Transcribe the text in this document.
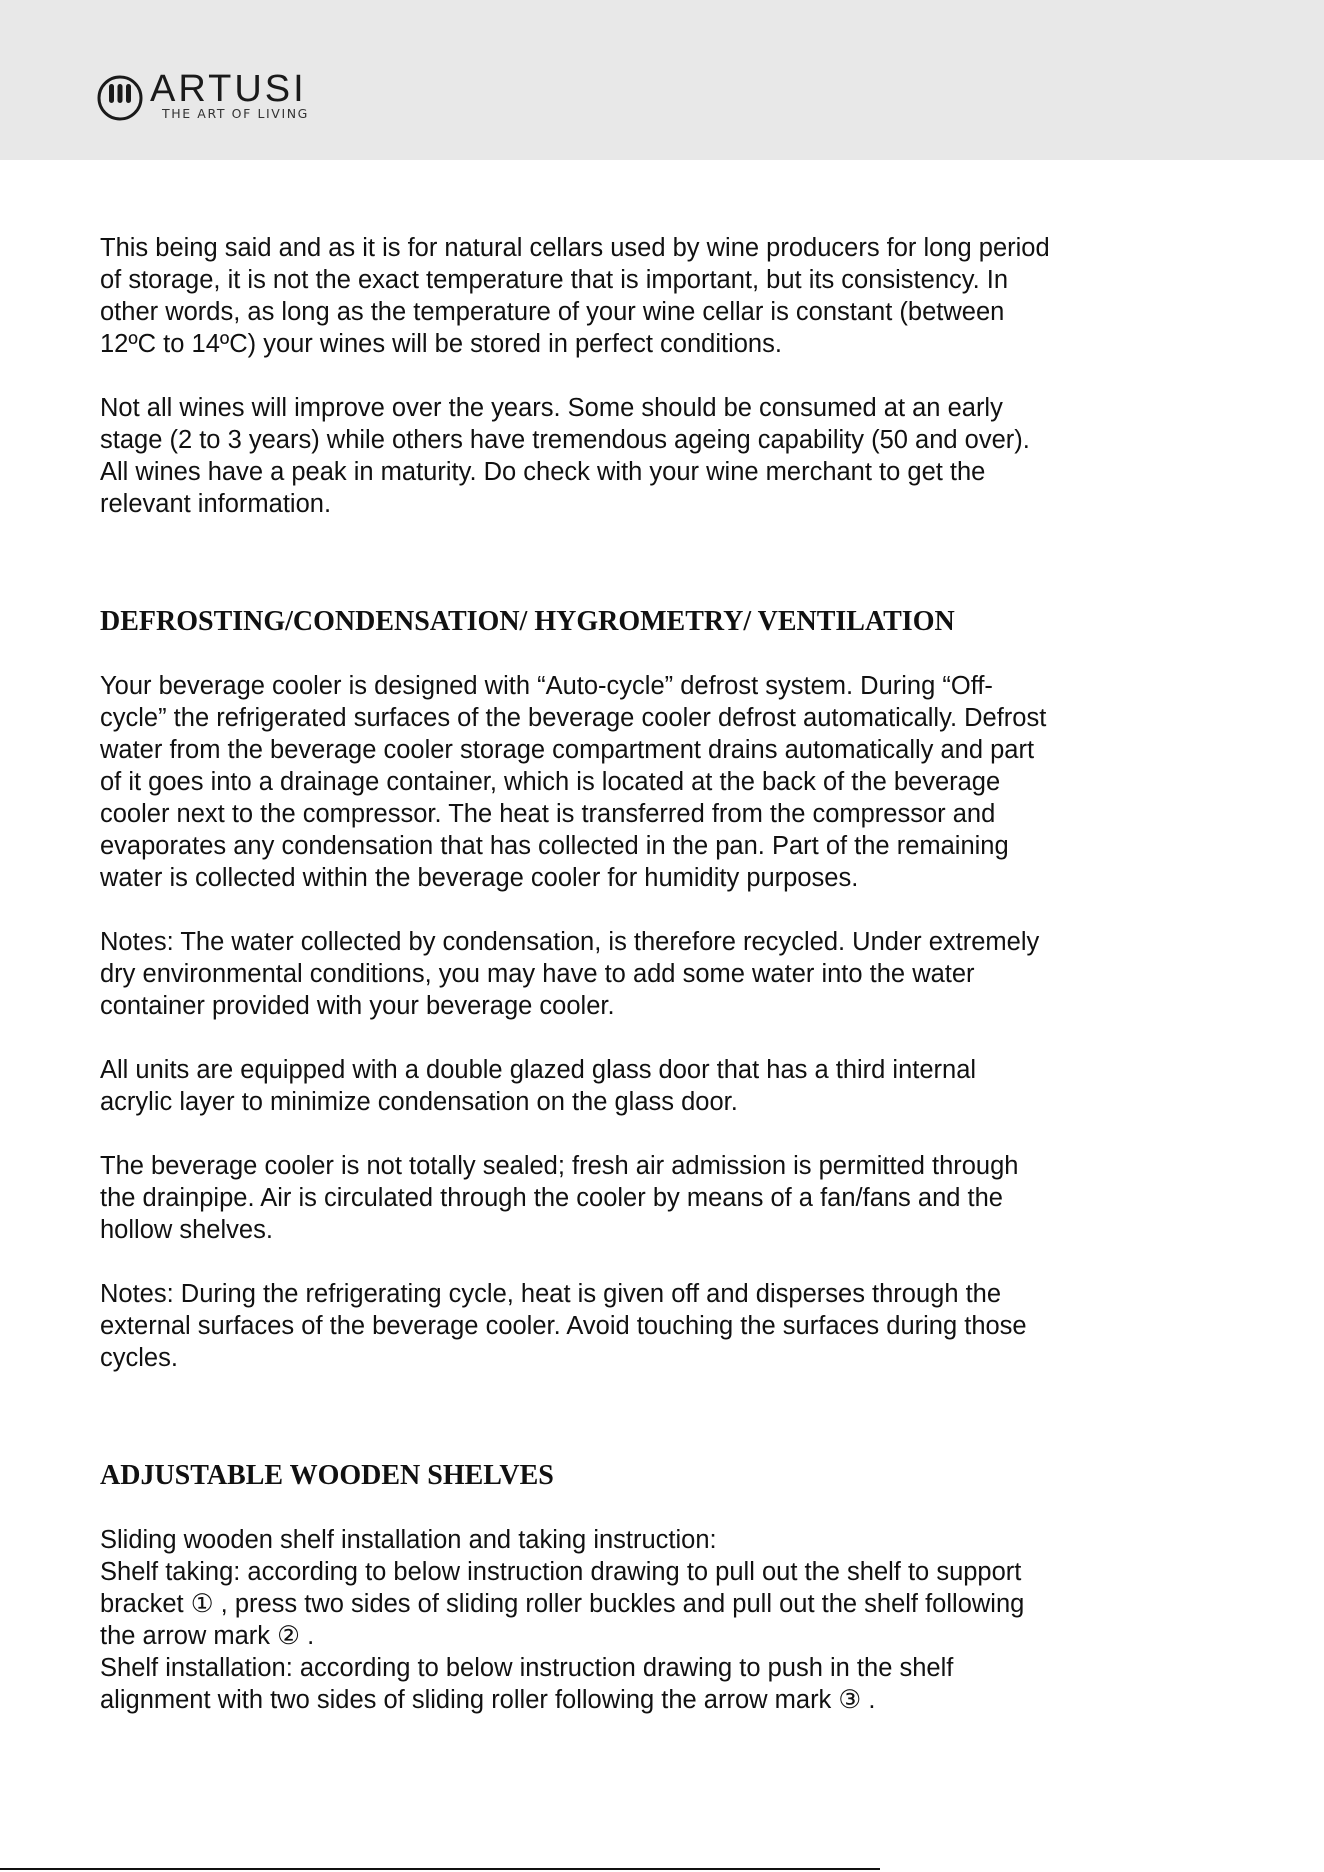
ARTUSI
THE ART OF LIVING

This being said and as it is for natural cellars used by wine producers for long period
of storage, it is not the exact temperature that is important, but its consistency. In
other words, as long as the temperature of your wine cellar is constant (between
12ºC to 14ºC) your wines will be stored in perfect conditions.

Not all wines will improve over the years. Some should be consumed at an early
stage (2 to 3 years) while others have tremendous ageing capability (50 and over).
All wines have a peak in maturity. Do check with your wine merchant to get the
relevant information.

DEFROSTING/CONDENSATION/ HYGROMETRY/ VENTILATION

Your beverage cooler is designed with “Auto-cycle” defrost system. During “Off-
cycle” the refrigerated surfaces of the beverage cooler defrost automatically. Defrost
water from the beverage cooler storage compartment drains automatically and part
of it goes into a drainage container, which is located at the back of the beverage
cooler next to the compressor. The heat is transferred from the compressor and
evaporates any condensation that has collected in the pan. Part of the remaining
water is collected within the beverage cooler for humidity purposes.

Notes: The water collected by condensation, is therefore recycled. Under extremely
dry environmental conditions, you may have to add some water into the water
container provided with your beverage cooler.

All units are equipped with a double glazed glass door that has a third internal
acrylic layer to minimize condensation on the glass door.

The beverage cooler is not totally sealed; fresh air admission is permitted through
the drainpipe. Air is circulated through the cooler by means of a fan/fans and the
hollow shelves.

Notes: During the refrigerating cycle, heat is given off and disperses through the
external surfaces of the beverage cooler. Avoid touching the surfaces during those
cycles.

ADJUSTABLE WOODEN SHELVES

Sliding wooden shelf installation and taking instruction:
Shelf taking: according to below instruction drawing to pull out the shelf to support
bracket ① , press two sides of sliding roller buckles and pull out the shelf following
the arrow mark ② .
Shelf installation: according to below instruction drawing to push in the shelf
alignment with two sides of sliding roller following the arrow mark ③ .
